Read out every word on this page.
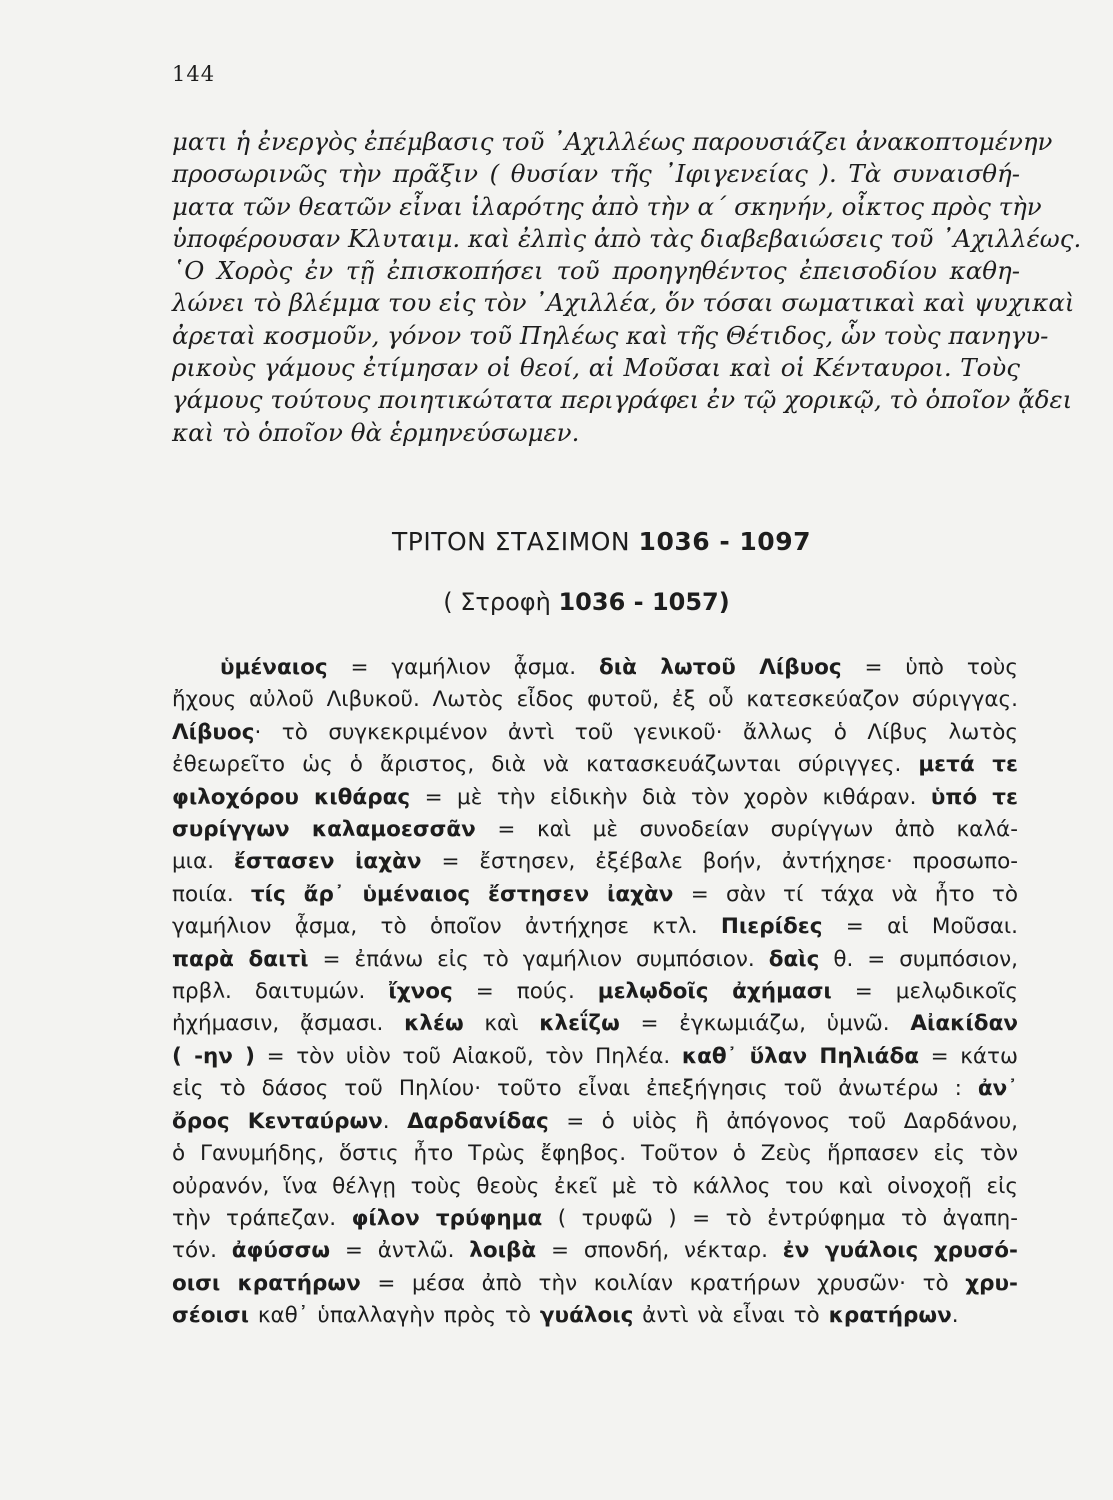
144

ματι ἡ ἐνεργὸς ἐπέμβασις τοῦ ᾽Αχιλλέως παρουσιάζει ἀνακοπτομένην
προσωρινῶς τὴν πρᾶξιν ( θυσίαν τῆς ᾽Ιφιγενείας ). Τὰ συναισθή-
ματα τῶν θεατῶν εἶναι ἱλαρότης ἀπὸ τὴν α΄ σκηνήν, οἶκτος πρὸς τὴν
ὑποφέρουσαν Κλυταιμ. καὶ ἐλπὶς ἀπὸ τὰς διαβεβαιώσεις τοῦ ᾽Αχιλλέως.
῾Ο Χορὸς ἐν τῇ ἐπισκοπήσει τοῦ προηγηθέντος ἐπεισοδίου καθη-
λώνει τὸ βλέμμα του εἰς τὸν ᾽Αχιλλέα, ὅν τόσαι σωματικαὶ καὶ ψυχικαὶ
ἀρεταὶ κοσμοῦν, γόνον τοῦ Πηλέως καὶ τῆς Θέτιδος, ὧν τοὺς πανηγυ-
ρικοὺς γάμους ἐτίμησαν οἱ θεοί, αἱ Μοῦσαι καὶ οἱ Κένταυροι. Τοὺς
γάμους τούτους ποιητικώτατα περιγράφει ἐν τῷ χορικῷ, τὸ ὁποῖον ᾄδει
καὶ τὸ ὁποῖον θὰ ἑρμηνεύσωμεν.

ΤΡΙΤΟΝ ΣΤΑΣΙΜΟΝ 1036 - 1097
( Στροφὴ 1036 - 1057)
ὑμέναιος = γαμήλιον ᾆσμα. διὰ λωτοῦ Λίβυος = ὑπὸ τοὺς
ἤχους αὐλοῦ Λιβυκοῦ. Λωτὸς εἶδος φυτοῦ, ἐξ οὗ κατεσκεύαζον σύριγγας.
Λίβυος· τὸ συγκεκριμένον ἀντὶ τοῦ γενικοῦ· ἄλλως ὁ Λίβυς λωτὸς
ἐθεωρεῖτο ὡς ὁ ἄριστος, διὰ νὰ κατασκευάζωνται σύριγγες. μετά τε
φιλοχόρου κιθάρας = μὲ τὴν εἰδικὴν διὰ τὸν χορὸν κιθάραν. ὑπό τε
συρίγγων καλαμοεσσᾶν = καὶ μὲ συνοδείαν συρίγγων ἀπὸ καλά-
μια. ἔστασεν ἰαχὰν = ἔστησεν, ἐξέβαλε βοήν, ἀντήχησε· προσωπο-
ποιία. τίς ἄρ᾽ ὑμέναιος ἔστησεν ἰαχὰν = σὰν τί τάχα νὰ ἦτο τὸ
γαμήλιον ᾆσμα, τὸ ὁποῖον ἀντήχησε κτλ. Πιερίδες = αἱ Μοῦσαι.
παρὰ δαιτὶ = ἐπάνω εἰς τὸ γαμήλιον συμπόσιον. δαὶς θ. = συμπόσιον,
πρβλ. δαιτυμών. ἴχνος = πούς. μελῳδοῖς ἀχήμασι = μελῳδικοῖς
ἠχήμασιν, ᾄσμασι. κλέω καὶ κλεΐζω = ἐγκωμιάζω, ὑμνῶ. Αἰακίδαν
( -ην ) = τὸν υἱὸν τοῦ Αἰακοῦ, τὸν Πηλέα. καθ᾽ ὕλαν Πηλιάδα = κάτω
εἰς τὸ δάσος τοῦ Πηλίου· τοῦτο εἶναι ἐπεξήγησις τοῦ ἀνωτέρω : ἀν᾽
ὄρος Κενταύρων. Δαρδανίδας = ὁ υἱὸς ἢ ἀπόγονος τοῦ Δαρδάνου,
ὁ Γανυμήδης, ὅστις ἦτο Τρὼς ἔφηβος. Τοῦτον ὁ Ζεὺς ἥρπασεν εἰς τὸν
οὐρανόν, ἵνα θέλγῃ τοὺς θεοὺς ἐκεῖ μὲ τὸ κάλλος του καὶ οἰνοχοῇ εἰς
τὴν τράπεζαν. φίλον τρύφημα ( τρυφῶ ) = τὸ ἐντρύφημα τὸ ἀγαπη-
τόν. ἀφύσσω = ἀντλῶ. λοιβὰ = σπονδή, νέκταρ. ἐν γυάλοις χρυσό-
οισι κρατήρων = μέσα ἀπὸ τὴν κοιλίαν κρατήρων χρυσῶν· τὸ χρυ-
σέοισι καθ᾽ ὑπαλλαγὴν πρὸς τὸ γυάλοις ἀντὶ νὰ εἶναι τὸ κρατήρων.
